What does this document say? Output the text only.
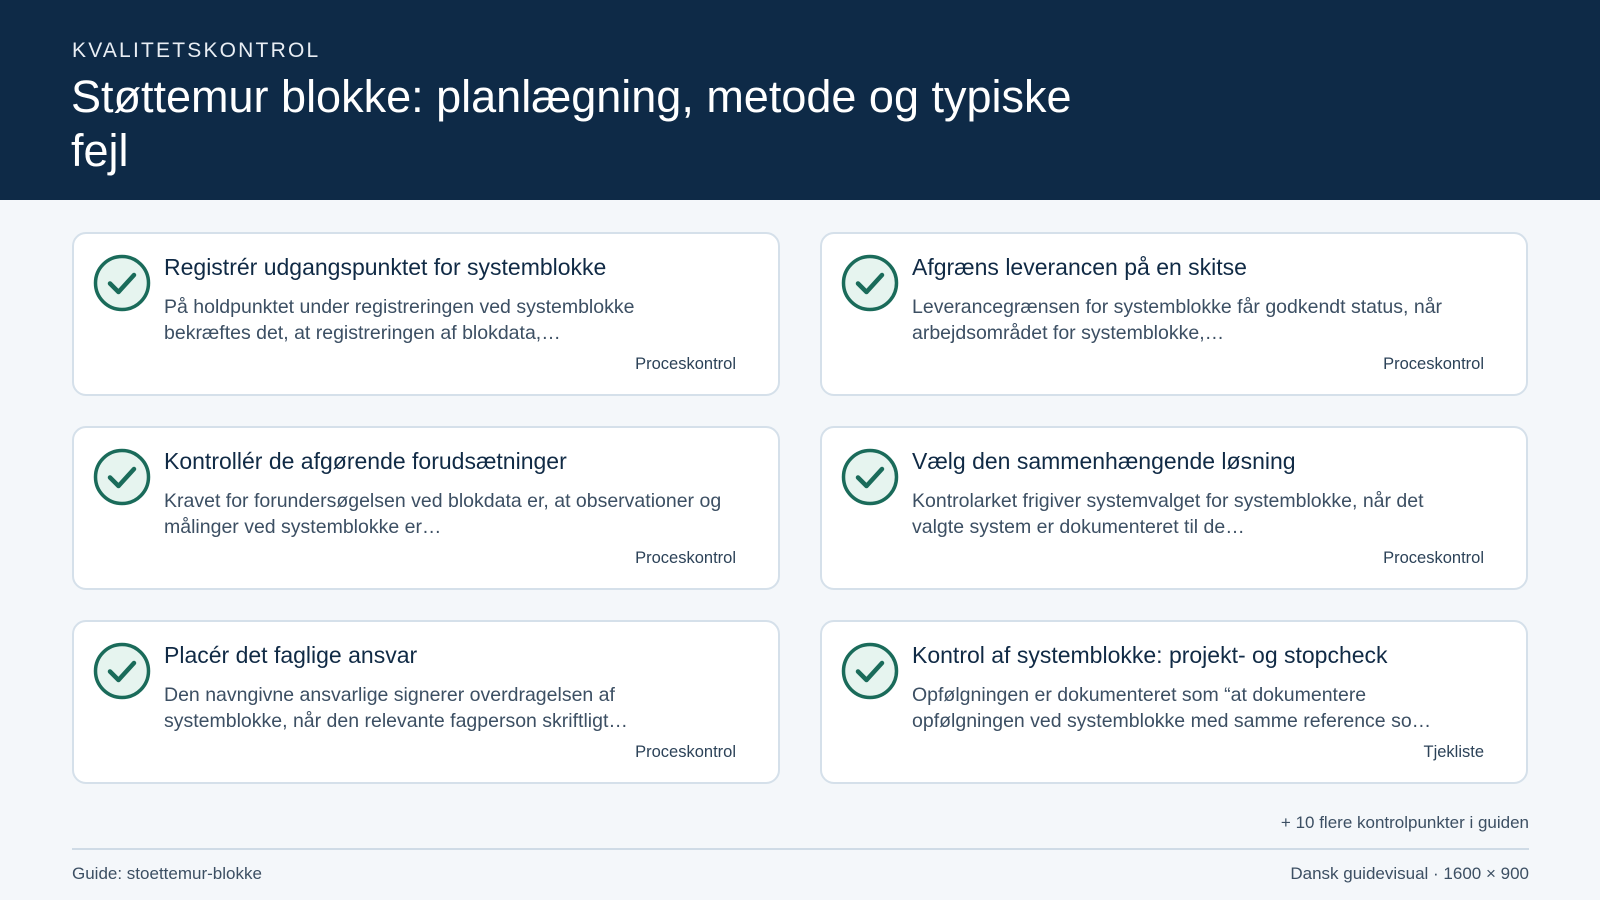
KVALITETSKONTROL
Støttemur blokke: planlægning, metode og typiske fejl
Registrér udgangspunktet for systemblokke
På holdpunktet under registreringen ved systemblokke bekræftes det, at registreringen af blokdata,…
Proceskontrol
Afgræns leverancen på en skitse
Leverancegrænsen for systemblokke får godkendt status, når arbejdsområdet for systemblokke,…
Proceskontrol
Kontrollér de afgørende forudsætninger
Kravet for forundersøgelsen ved blokdata er, at observationer og målinger ved systemblokke er…
Proceskontrol
Vælg den sammenhængende løsning
Kontrolarket frigiver systemvalget for systemblokke, når det valgte system er dokumenteret til de…
Proceskontrol
Placér det faglige ansvar
Den navngivne ansvarlige signerer overdragelsen af systemblokke, når den relevante fagperson skriftligt…
Proceskontrol
Kontrol af systemblokke: projekt- og stopcheck
Opfølgningen er dokumenteret som “at dokumentere opfølgningen ved systemblokke med samme reference so…
Tjekliste
+ 10 flere kontrolpunkter i guiden
Guide: stoettemur-blokke	Dansk guidevisual · 1600 × 900
